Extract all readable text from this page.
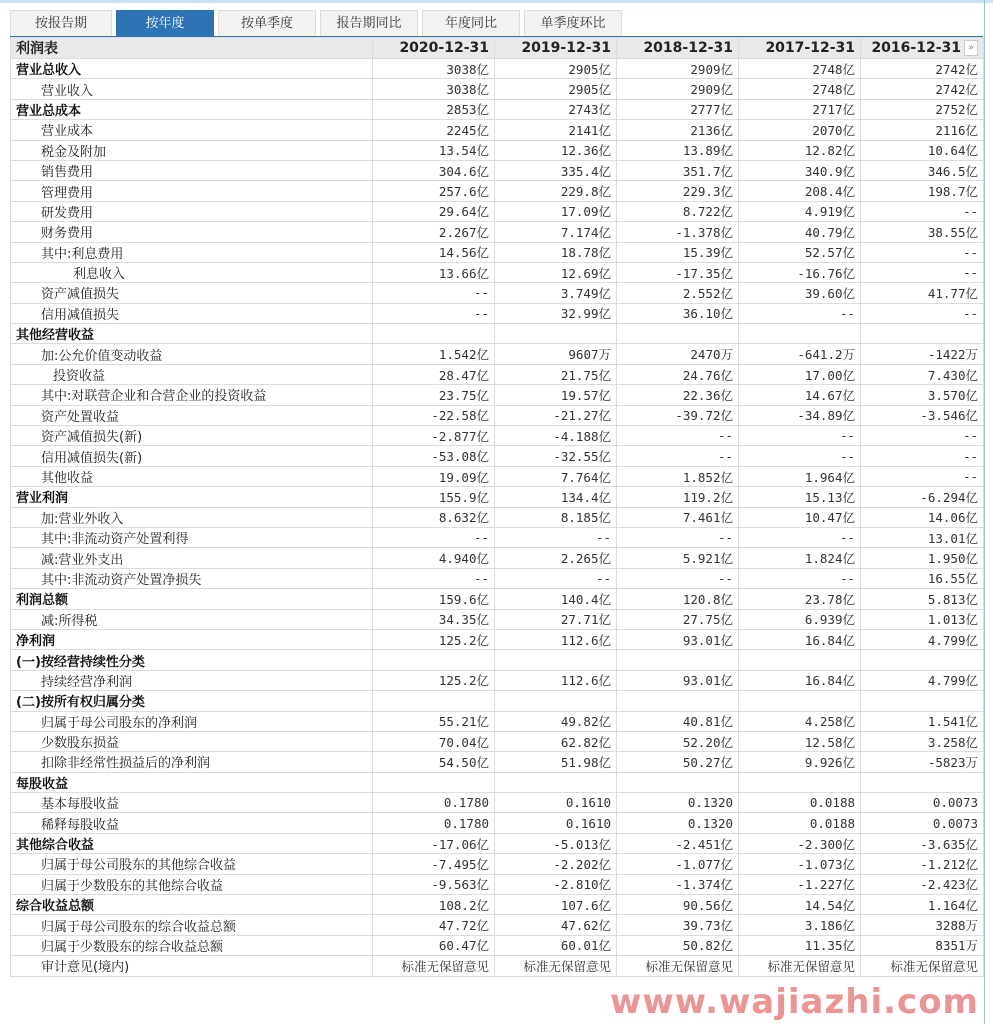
按报告期	按年度	按单季度	报告期同比	年度同比	单季度环比
利润表	2020-12-31	2019-12-31	2018-12-31	2017-12-31	2016-12-31 »
营业总收入	3038亿	2905亿	2909亿	2748亿	2742亿
营业收入	3038亿	2905亿	2909亿	2748亿	2742亿
营业总成本	2853亿	2743亿	2777亿	2717亿	2752亿
营业成本	2245亿	2141亿	2136亿	2070亿	2116亿
税金及附加	13.54亿	12.36亿	13.89亿	12.82亿	10.64亿
销售费用	304.6亿	335.4亿	351.7亿	340.9亿	346.5亿
管理费用	257.6亿	229.8亿	229.3亿	208.4亿	198.7亿
研发费用	29.64亿	17.09亿	8.722亿	4.919亿	--
财务费用	2.267亿	7.174亿	-1.378亿	40.79亿	38.55亿
其中:利息费用	14.56亿	18.78亿	15.39亿	52.57亿	--
利息收入	13.66亿	12.69亿	-17.35亿	-16.76亿	--
资产减值损失	--	3.749亿	2.552亿	39.60亿	41.77亿
信用减值损失	--	32.99亿	36.10亿	--	--
其他经营收益					
加:公允价值变动收益	1.542亿	9607万	2470万	-641.2万	-1422万
投资收益	28.47亿	21.75亿	24.76亿	17.00亿	7.430亿
其中:对联营企业和合营企业的投资收益	23.75亿	19.57亿	22.36亿	14.67亿	3.570亿
资产处置收益	-22.58亿	-21.27亿	-39.72亿	-34.89亿	-3.546亿
资产减值损失(新)	-2.877亿	-4.188亿	--	--	--
信用减值损失(新)	-53.08亿	-32.55亿	--	--	--
其他收益	19.09亿	7.764亿	1.852亿	1.964亿	--
营业利润	155.9亿	134.4亿	119.2亿	15.13亿	-6.294亿
加:营业外收入	8.632亿	8.185亿	7.461亿	10.47亿	14.06亿
其中:非流动资产处置利得	--	--	--	--	13.01亿
减:营业外支出	4.940亿	2.265亿	5.921亿	1.824亿	1.950亿
其中:非流动资产处置净损失	--	--	--	--	16.55亿
利润总额	159.6亿	140.4亿	120.8亿	23.78亿	5.813亿
减:所得税	34.35亿	27.71亿	27.75亿	6.939亿	1.013亿
净利润	125.2亿	112.6亿	93.01亿	16.84亿	4.799亿
(一)按经营持续性分类					
持续经营净利润	125.2亿	112.6亿	93.01亿	16.84亿	4.799亿
(二)按所有权归属分类					
归属于母公司股东的净利润	55.21亿	49.82亿	40.81亿	4.258亿	1.541亿
少数股东损益	70.04亿	62.82亿	52.20亿	12.58亿	3.258亿
扣除非经常性损益后的净利润	54.50亿	51.98亿	50.27亿	9.926亿	-5823万
每股收益					
基本每股收益	0.1780	0.1610	0.1320	0.0188	0.0073
稀释每股收益	0.1780	0.1610	0.1320	0.0188	0.0073
其他综合收益	-17.06亿	-5.013亿	-2.451亿	-2.300亿	-3.635亿
归属于母公司股东的其他综合收益	-7.495亿	-2.202亿	-1.077亿	-1.073亿	-1.212亿
归属于少数股东的其他综合收益	-9.563亿	-2.810亿	-1.374亿	-1.227亿	-2.423亿
综合收益总额	108.2亿	107.6亿	90.56亿	14.54亿	1.164亿
归属于母公司股东的综合收益总额	47.72亿	47.62亿	39.73亿	3.186亿	3288万
归属于少数股东的综合收益总额	60.47亿	60.01亿	50.82亿	11.35亿	8351万
审计意见(境内)	标准无保留意见	标准无保留意见	标准无保留意见	标准无保留意见	标准无保留意见
www.wajiazhi.com
